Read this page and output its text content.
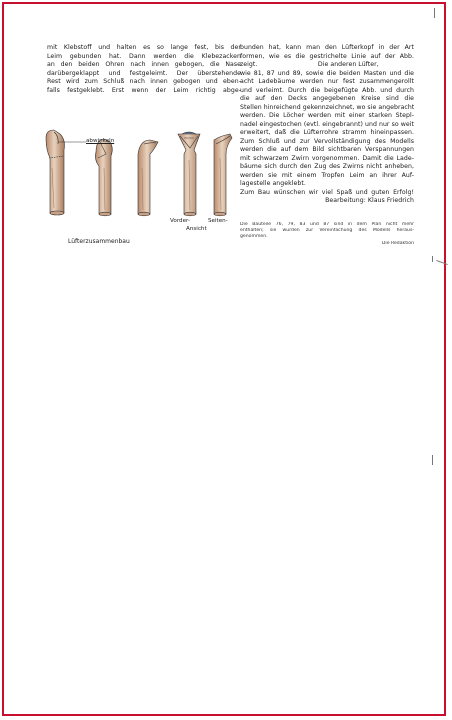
mit Klebstoff und halten es so lange fest, bis der
Leim gebunden hat. Dann werden die Klebezacken
an den beiden Ohren nach innen gebogen, die Nase
darübergeklappt und festgeleimt. Der überstehende
Rest wird zum Schluß nach innen gebogen und eben-
falls festgeklebt. Erst wenn der Leim richtig abge-
bunden hat, kann man den Lüfterkopf in der Art
formen, wie es die gestrichelte Linie auf der Abb.
zeigt.                              Die anderen Lüfter,
wie 81, 87 und 89, sowie die beiden Masten und die
acht Ladebäume werden nur fest zusammengerollt
und verleimt. Durch die beigefügte Abb. und durch
die auf den Decks angegebenen Kreise sind die
Stellen hinreichend gekennzeichnet, wo sie angebracht
werden. Die Löcher werden mit einer starken Stepl-
nadel eingestochen (evtl. eingebrannt) und nur so weit
erweitert, daß die Lüfterrohre stramm hineinpassen.
Zum Schluß und zur Vervollständigung des Modells
werden die auf dem Bild sichtbaren Verspannungen
mit schwarzem Zwirn vorgenommen. Damit die Lade-
bäume sich durch den Zug des Zwirns nicht anheben,
werden sie mit einem Tropfen Leim an ihrer Auf-
lagestelle angeklebt.
Zum Bau wünschen wir viel Spaß und guten Erfolg!
Bearbeitung: Klaus Friedrich
Die Bauteile 76, 79, 83 und 87 sind in dem Plan nicht mehr
enthalten; sie wurden zur Vereinfachung des Modells heraus-
genommen.
Die Redaktion
abwinkeln
Vorder-	Seiten-
Ansicht
Lüfterzusammenbau
